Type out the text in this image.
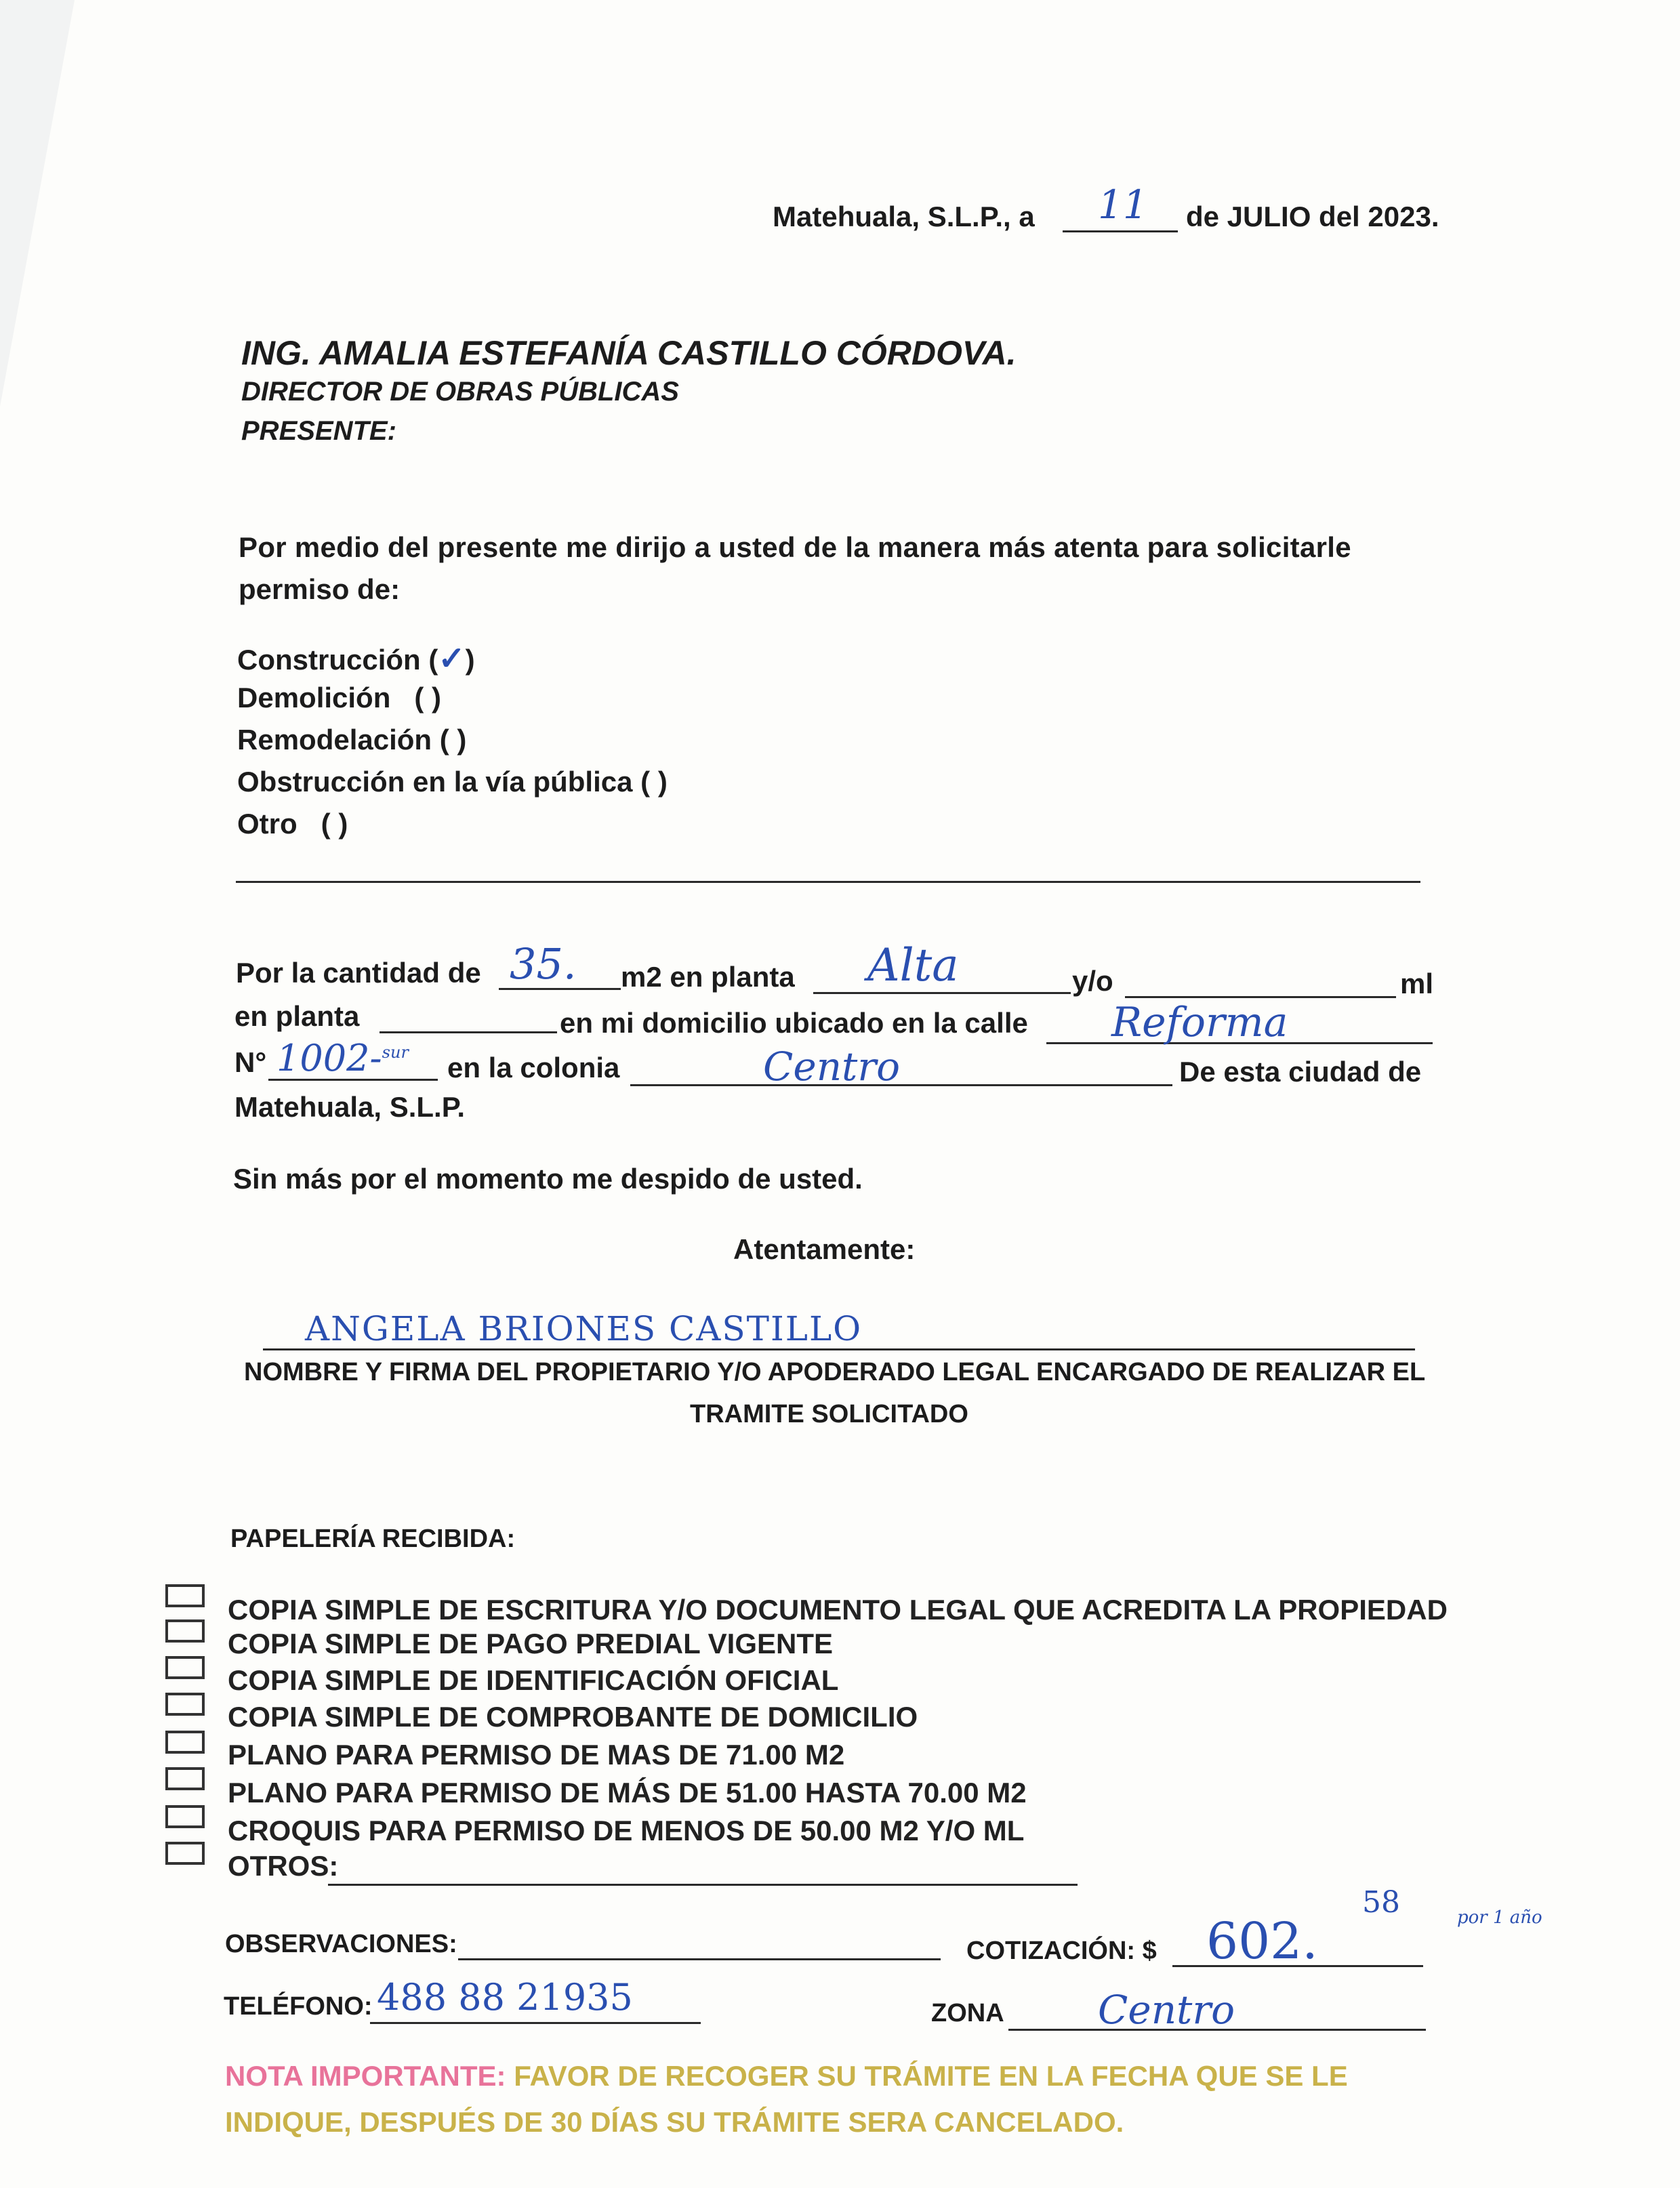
Matehuala, S.L.P., a 11 de JULIO del 2023.
ING. AMALIA ESTEFANÍA CASTILLO CÓRDOVA.
DIRECTOR DE OBRAS PÚBLICAS
PRESENTE:
Por medio del presente me dirijo a usted de la manera más atenta para solicitarle
permiso de:
Construcción (✓)
Demolición ( )
Remodelación ( )
Obstrucción en la vía pública ( )
Otro ( )
Por la cantidad de 35. m2 en planta Alta	y/o	ml
en planta	en mi domicilio ubicado en la calle Reforma
N° 1002-$^{sur}$ en la colonia	Centro	De esta ciudad de
Matehuala, S.L.P.
Sin más por el momento me despido de usted.
Atentamente:
ANGELA BRIONES CASTILLO
NOMBRE Y FIRMA DEL PROPIETARIO Y/O APODERADO LEGAL ENCARGADO DE REALIZAR EL
TRAMITE SOLICITADO
PAPELERÍA RECIBIDA:
COPIA SIMPLE DE ESCRITURA Y/O DOCUMENTO LEGAL QUE ACREDITA LA PROPIEDAD
COPIA SIMPLE DE PAGO PREDIAL VIGENTE
COPIA SIMPLE DE IDENTIFICACIÓN OFICIAL
COPIA SIMPLE DE COMPROBANTE DE DOMICILIO
PLANO PARA PERMISO DE MAS DE 71.00 M2
PLANO PARA PERMISO DE MÁS DE 51.00 HASTA 70.00 M2
CROQUIS PARA PERMISO DE MENOS DE 50.00 M2 Y/O ML
OTROS:
OBSERVACIONES:	COTIZACIÓN: $ 602.
58	por 1 año
TELÉFONO: 488 88 21935	ZONA Centro
NOTA IMPORTANTE: FAVOR DE RECOGER SU TRÁMITE EN LA FECHA QUE SE LE
INDIQUE, DESPUÉS DE 30 DÍAS SU TRÁMITE SERA CANCELADO.
